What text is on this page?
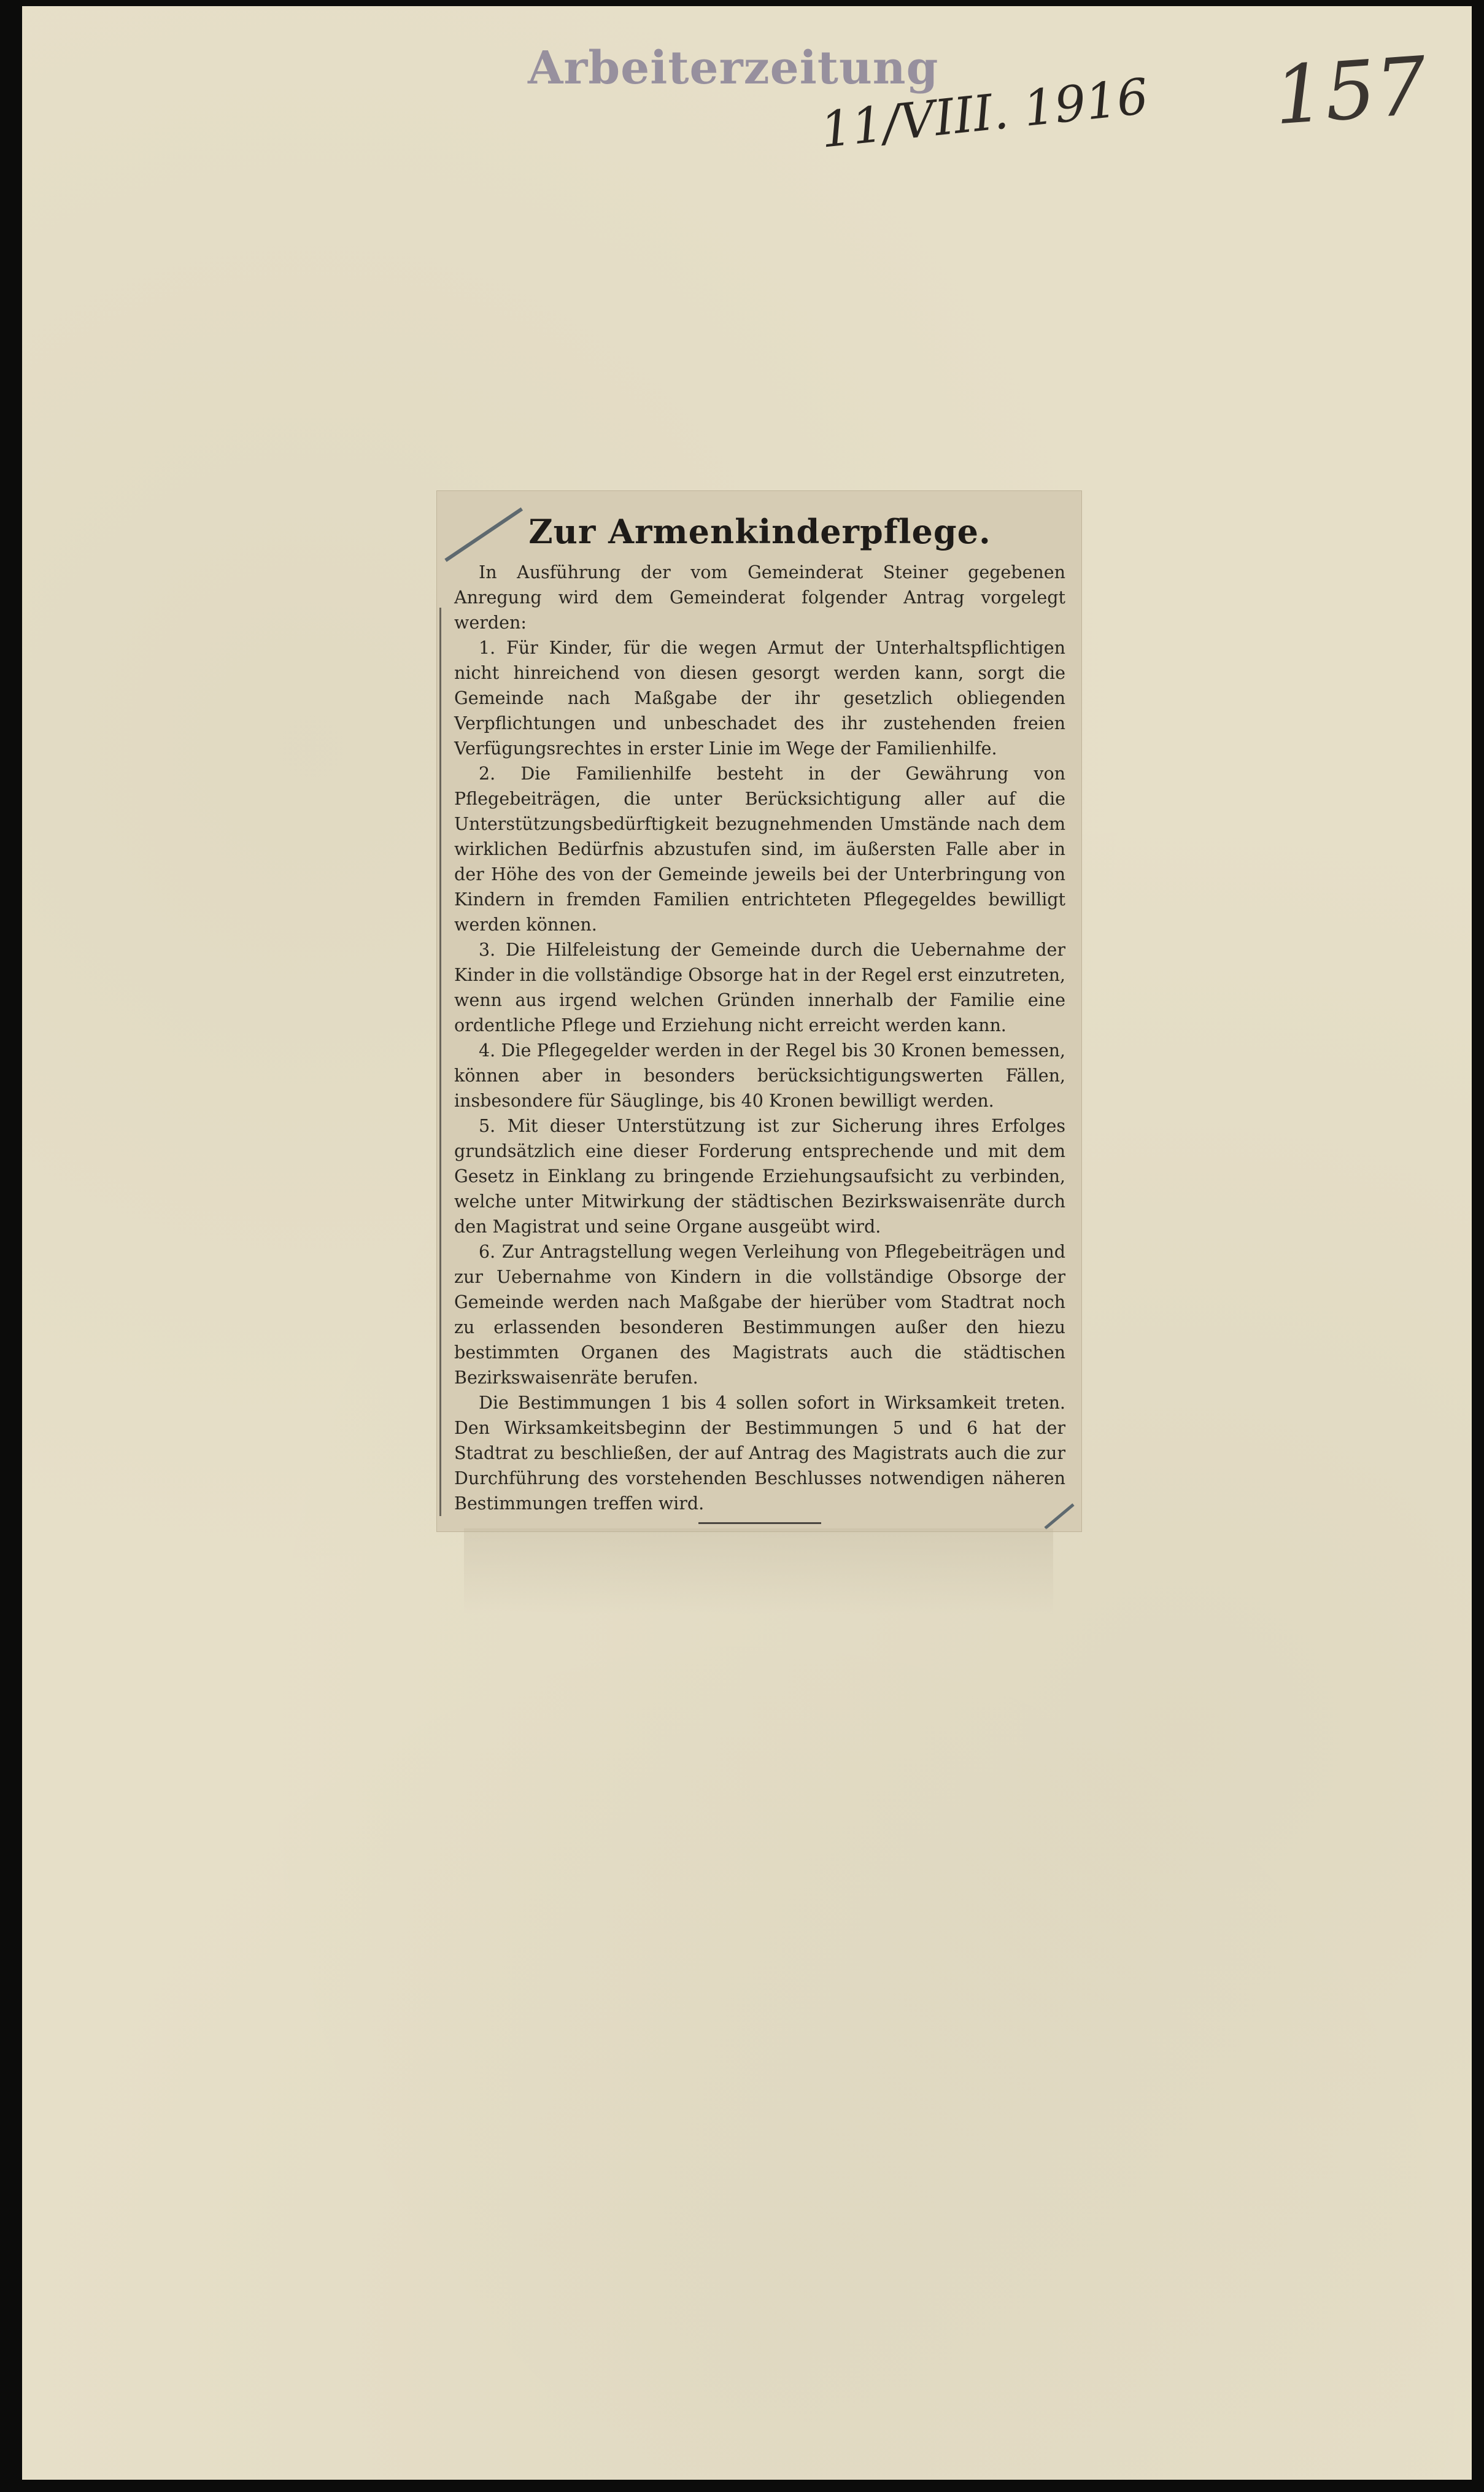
Arbeiterzeitung
11/VIII. 1916 157
Zur Armenkinderpflege.

In Ausführung der vom Gemeinderat Steiner gegebenen Anregung wird dem Gemeinderat folgender Antrag vorgelegt werden:

1. Für Kinder, für die wegen Armut der Unterhaltspflichtigen nicht hinreichend von diesen gesorgt werden kann, sorgt die Gemeinde nach Maßgabe der ihr gesetzlich obliegenden Verpflichtungen und unbeschadet des ihr zustehenden freien Verfügungsrechtes in erster Linie im Wege der Familienhilfe.

2. Die Familienhilfe besteht in der Gewährung von Pflegebeiträgen, die unter Berücksichtigung aller auf die Unterstützungsbedürftigkeit bezugnehmenden Umstände nach dem wirklichen Bedürfnis abzustufen sind, im äußersten Falle aber in der Höhe des von der Gemeinde jeweils bei der Unterbringung von Kindern in fremden Familien entrichteten Pflegegeldes bewilligt werden können.

3. Die Hilfeleistung der Gemeinde durch die Uebernahme der Kinder in die vollständige Obsorge hat in der Regel erst einzutreten, wenn aus irgend welchen Gründen innerhalb der Familie eine ordentliche Pflege und Erziehung nicht erreicht werden kann.

4. Die Pflegegelder werden in der Regel bis 30 Kronen bemessen, können aber in besonders berücksichtigungswerten Fällen, insbesondere für Säuglinge, bis 40 Kronen bewilligt werden.

5. Mit dieser Unterstützung ist zur Sicherung ihres Erfolges grundsätzlich eine dieser Forderung entsprechende und mit dem Gesetz in Einklang zu bringende Erziehungsaufsicht zu verbinden, welche unter Mitwirkung der städtischen Bezirkswaisenräte durch den Magistrat und seine Organe ausgeübt wird.

6. Zur Antragstellung wegen Verleihung von Pflegebeiträgen und zur Uebernahme von Kindern in die vollständige Obsorge der Gemeinde werden nach Maßgabe der hierüber vom Stadtrat noch zu erlassenden besonderen Bestimmungen außer den hiezu bestimmten Organen des Magistrats auch die städtischen Bezirkswaisenräte berufen.

Die Bestimmungen 1 bis 4 sollen sofort in Wirksamkeit treten. Den Wirksamkeitsbeginn der Bestimmungen 5 und 6 hat der Stadtrat zu beschließen, der auf Antrag des Magistrats auch die zur Durchführung des vorstehenden Beschlusses notwendigen näheren Bestimmungen treffen wird.
